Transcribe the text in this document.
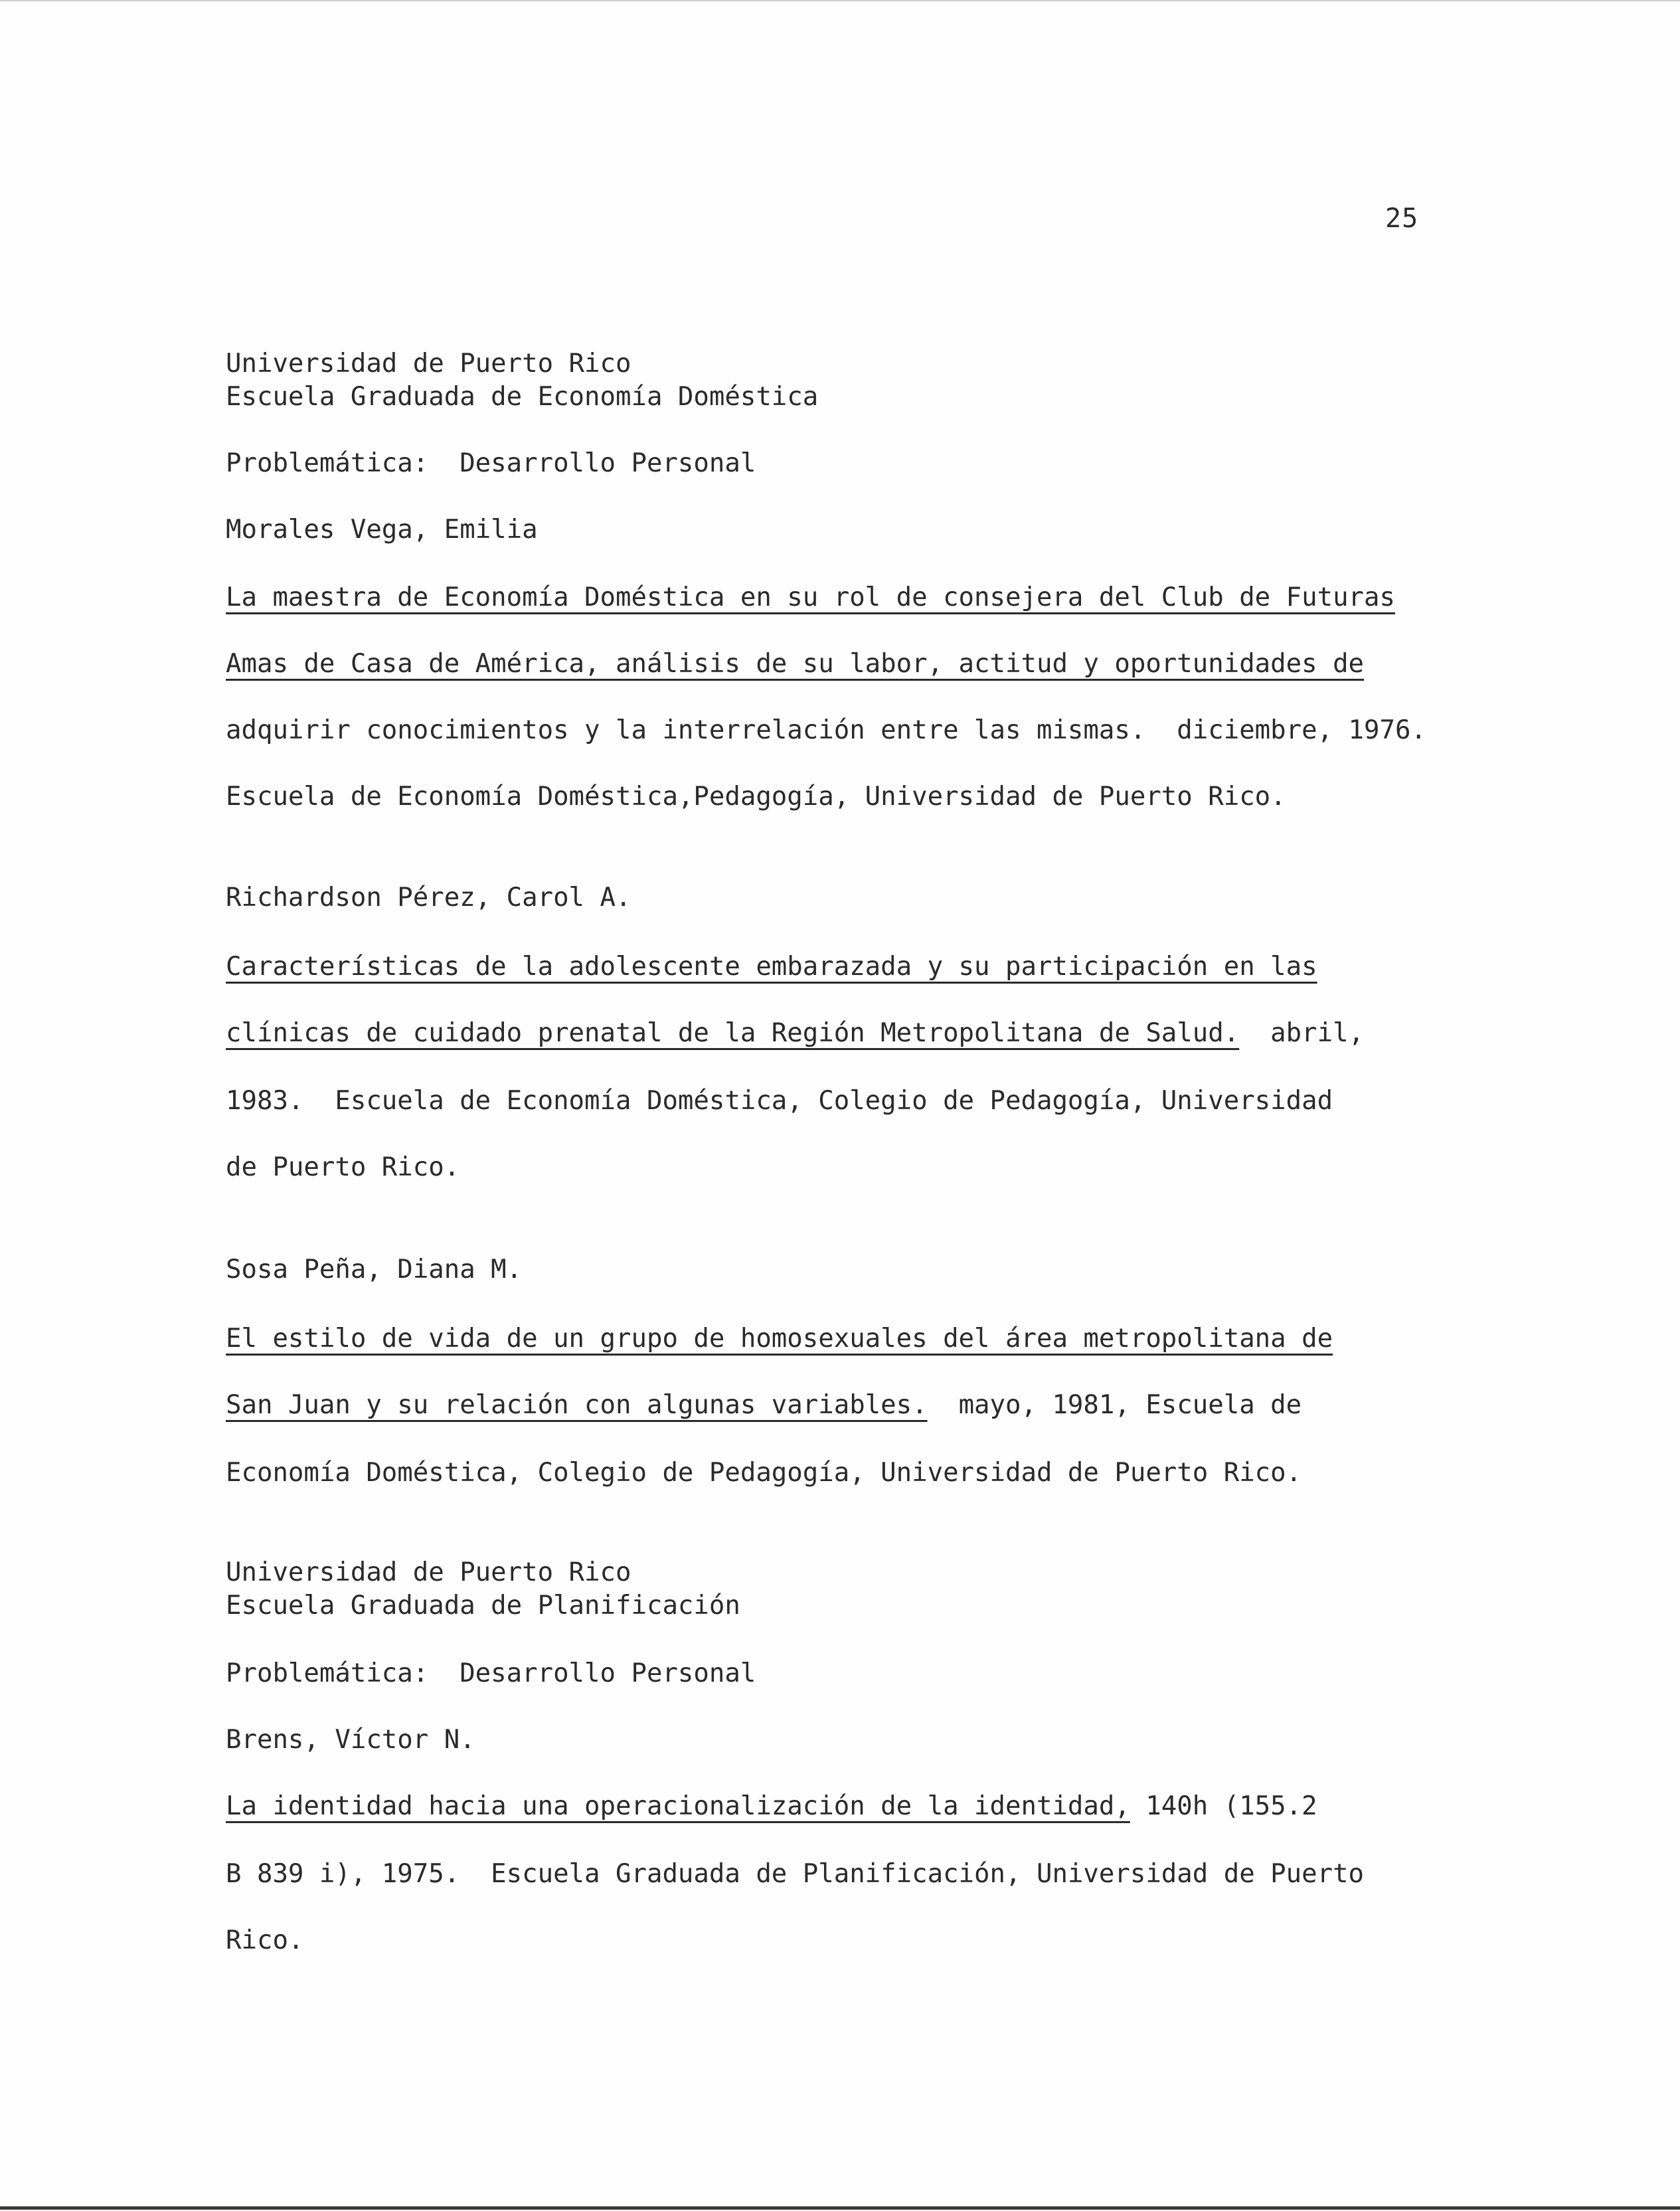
25
Universidad de Puerto Rico
Escuela Graduada de Economía Doméstica
Problemática:  Desarrollo Personal
Morales Vega, Emilia
La maestra de Economía Doméstica en su rol de consejera del Club de Futuras
Amas de Casa de América, análisis de su labor, actitud y oportunidades de
adquirir conocimientos y la interrelación entre las mismas.  diciembre, 1976.
Escuela de Economía Doméstica,Pedagogía, Universidad de Puerto Rico.
Richardson Pérez, Carol A.
Características de la adolescente embarazada y su participación en las
clínicas de cuidado prenatal de la Región Metropolitana de Salud.  abril,
1983.  Escuela de Economía Doméstica, Colegio de Pedagogía, Universidad
de Puerto Rico.
Sosa Peña, Diana M.
El estilo de vida de un grupo de homosexuales del área metropolitana de
San Juan y su relación con algunas variables.  mayo, 1981, Escuela de
Economía Doméstica, Colegio de Pedagogía, Universidad de Puerto Rico.
Universidad de Puerto Rico
Escuela Graduada de Planificación
Problemática:  Desarrollo Personal
Brens, Víctor N.
La identidad hacia una operacionalización de la identidad, 140h (155.2
B 839 i), 1975.  Escuela Graduada de Planificación, Universidad de Puerto
Rico.
